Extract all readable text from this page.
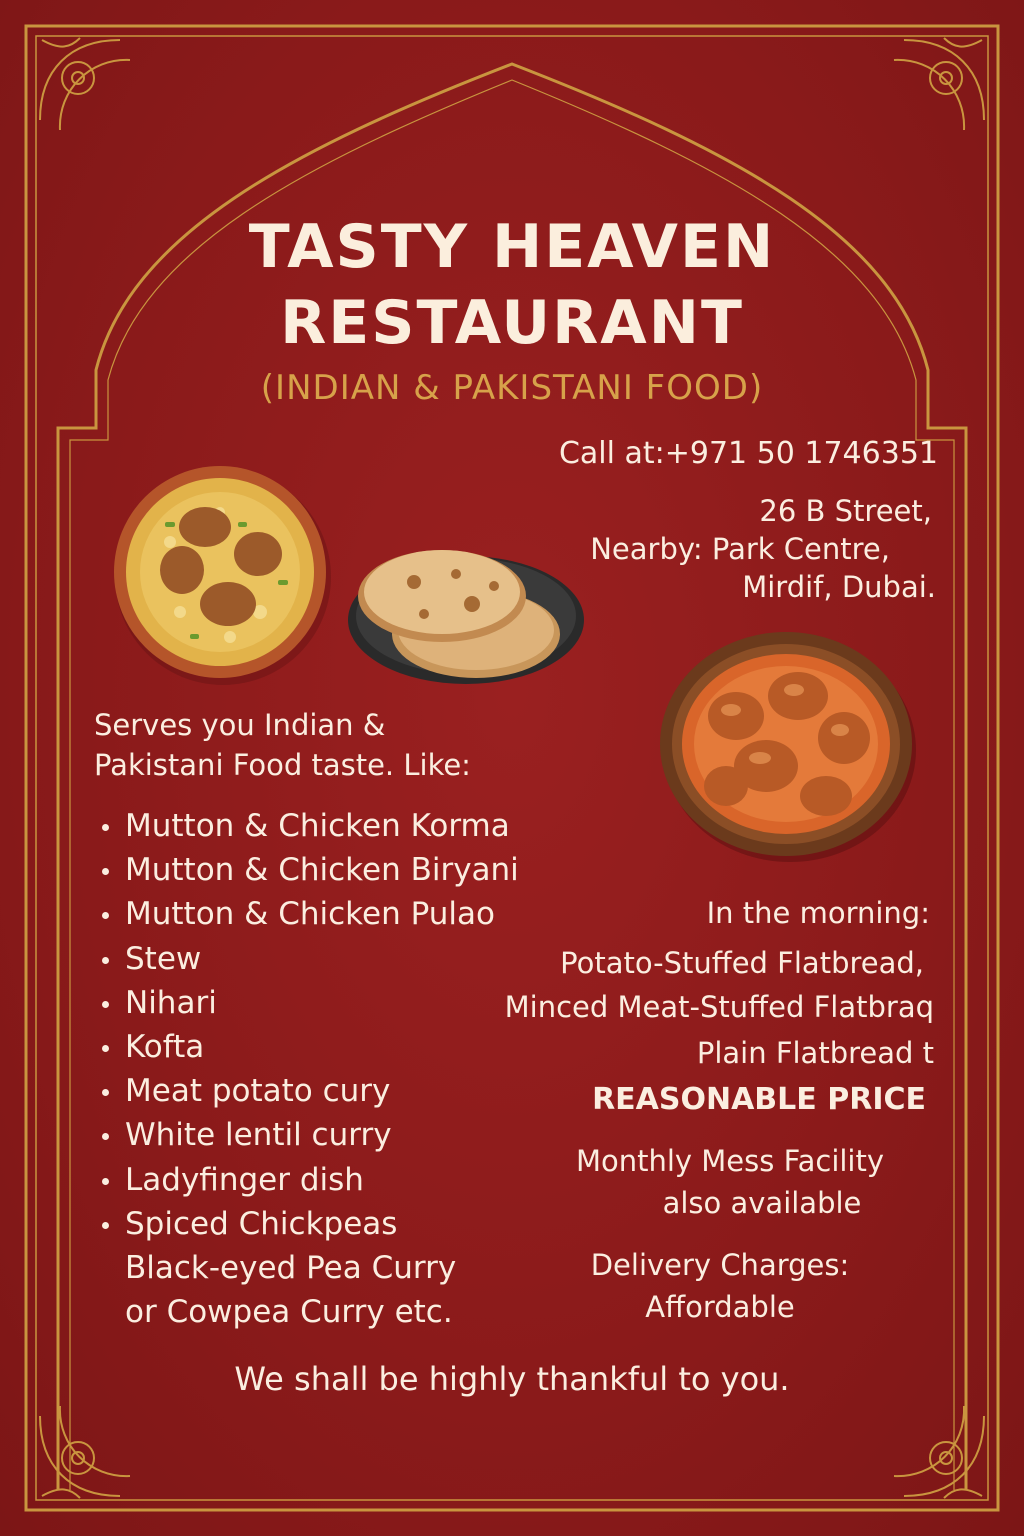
TASTY HEAVEN
RESTAURANT
(INDIAN & PAKISTANI FOOD)
Call at:+971 50 1746351
26 B Street,
Nearby: Park Centre,
Mirdif, Dubai.
Serves you Indian &
Pakistani Food taste. Like:
Mutton & Chicken Korma
Mutton & Chicken Biryani
Mutton & Chicken Pulao
Stew
Nihari
Kofta
Meat potato cury
White lentil curry
Ladyfinger dish
Spiced Chickpeas
Black-eyed Pea Curry
or Cowpea Curry etc.
In the morning:
Potato-Stuffed Flatbread,
Minced Meat-Stuffed Flatbraq
Plain Flatbread t
REASONABLE PRICE
Monthly Mess Facility
also available
Delivery Charges:
Affordable
We shall be highly thankful to you.
